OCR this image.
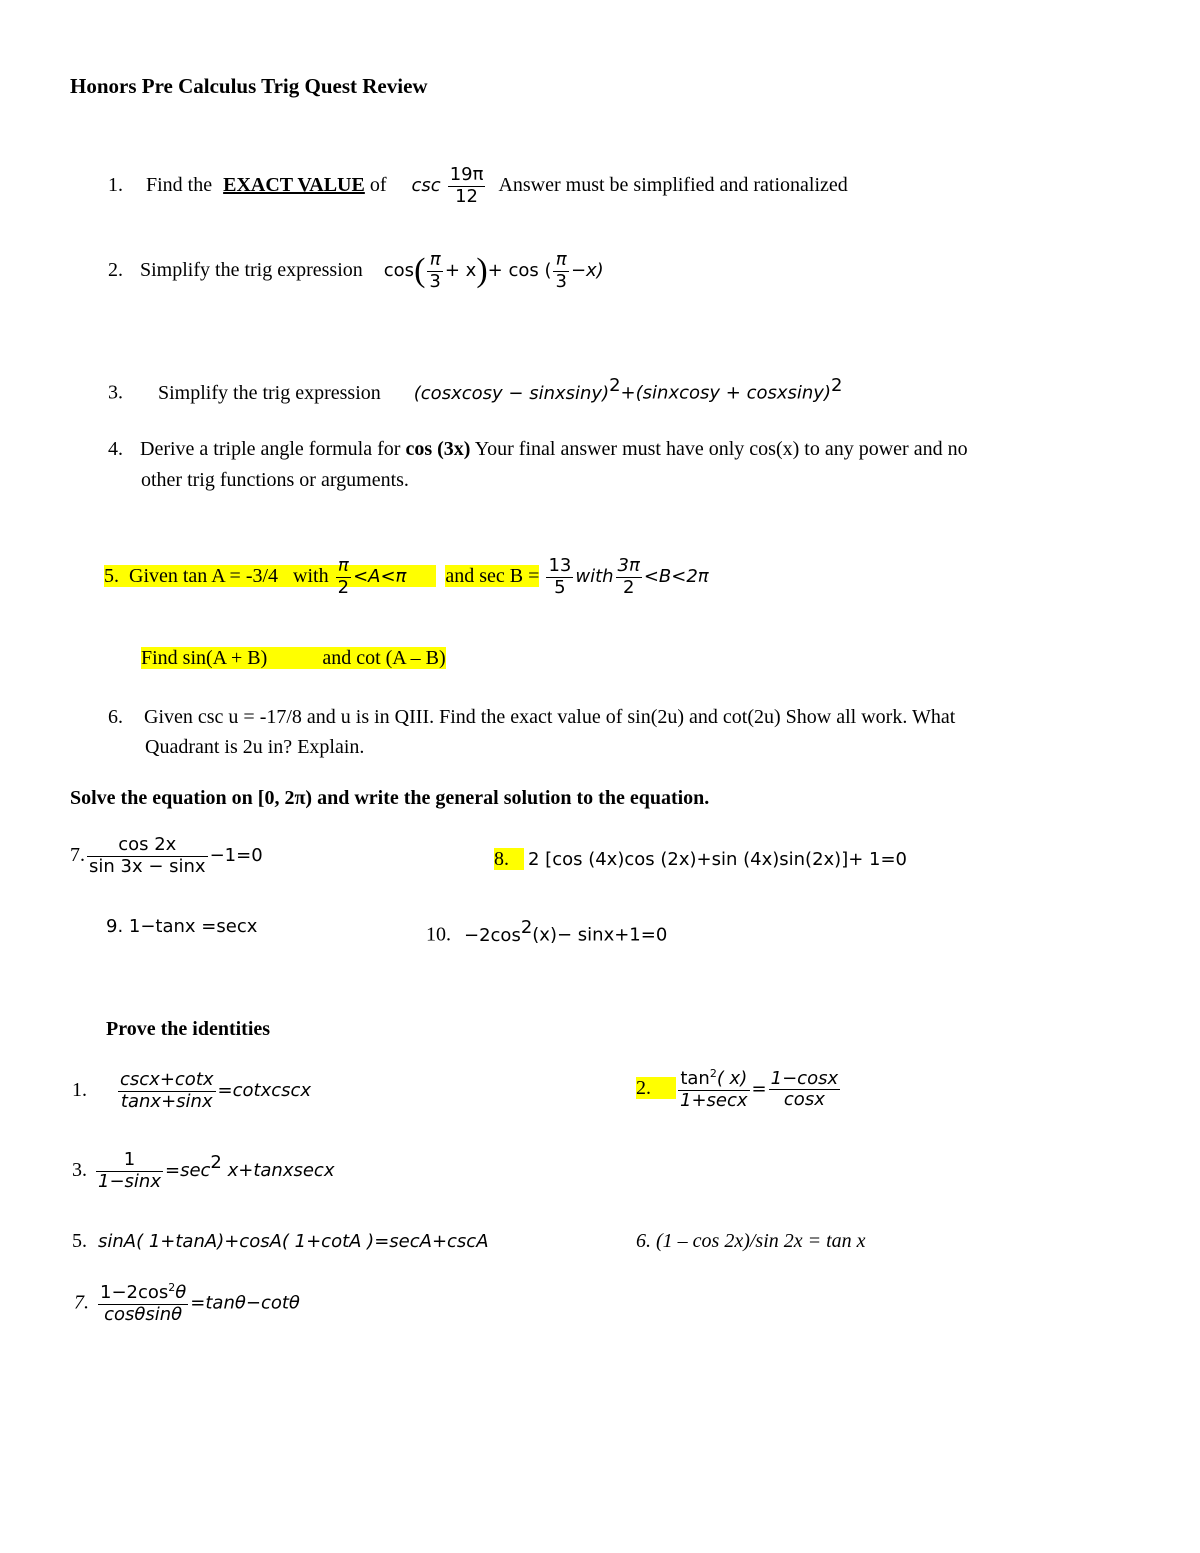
Honors Pre Calculus Trig Quest Review
1. Find the EXACT VALUE of $\csc \frac{19\pi}{12}$ Answer must be simplified and rationalized
2. Simplify the trig expression $\cos( \frac{\pi}{3} + x)+ \cos$ ( $\frac{\pi}{3} -x$)
3. Simplify the trig expression (cosxcosy − sinxsiny)$^2$+(sinxcosy + cosxsiny)$^2$
4. Derive a triple angle formula for cos (3x) Your final answer must have only cos(x) to any power and no
other trig functions or arguments.
5. Given tan A = -3/4 with $\frac{\pi}{2} <A<\pi$ and $\sec B = \frac{13}{5}$ with $\frac{3\pi}{2} <B<2\pi$
Find sin(A + B)	and cot (A – B)
6. Given csc u = -17/8 and u is in QIII. Find the exact value of sin(2u) and cot(2u) Show all work. What
Quadrant is 2u in? Explain.
Solve the equation on [0, 2π) and write the general solution to the equation.
7. $\frac{\cos 2x}{\sin 3x - \sin x} -1=0$	8. 2 [cos (4x)cos (2x)+sin (4x)sin(2x)]+ 1=0
9. 1−tanx =secx	10. $-2\cos^2(x)- \sin x+1=0$
Prove the identities
1. $\frac{\csc x+\cot x}{\tan x+\sin x}$ =cotxcscx	2. $\frac{\tan^2( x)}{1+\sec x} = \frac{1-\cos x}{\cos x}$
3. $\frac{1}{1-\sin x} =\sec^2$ x+tanxsecx
5. sinA( 1+tanA)+cosA( 1+cotA )=secA+cscA	6. (1 – cos 2x)/sin 2x = tan x
7. $\frac{1-2\cos^2\theta}{\cos\theta\sin\theta} =\tan\theta-\cot\theta$
